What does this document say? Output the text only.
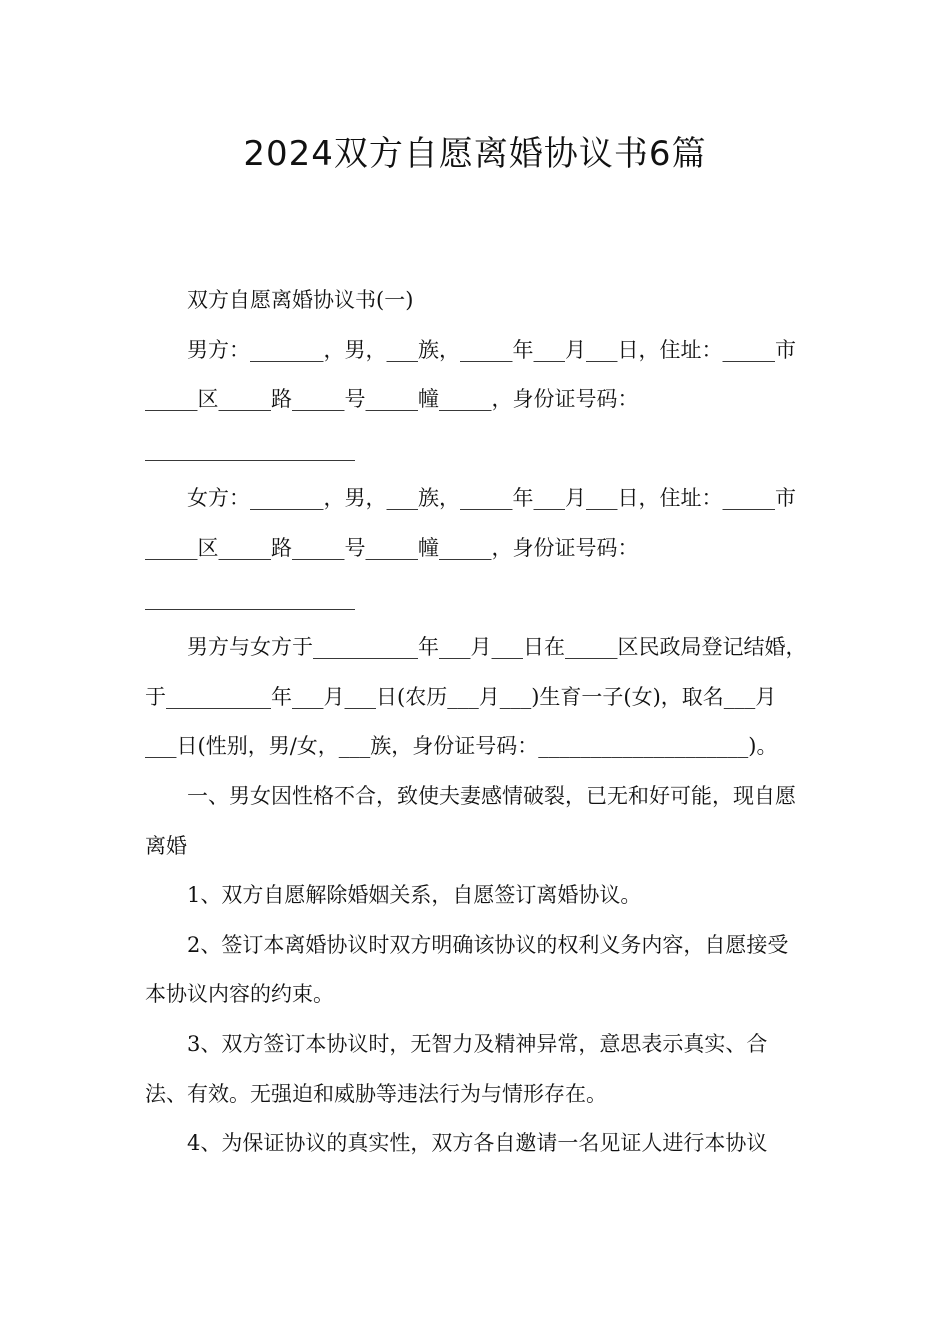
2024双方自愿离婚协议书6篇

双方自愿离婚协议书(一)

男方：_______，男，___族，_____年___月___日，住址：_____市_____区_____路_____号_____幢_____，身份证号码：____________________

女方：_______，男，___族，_____年___月___日，住址：_____市_____区_____路_____号_____幢_____，身份证号码：____________________

男方与女方于__________年___月___日在_____区民政局登记结婚，于__________年___月___日(农历___月___)生育一子(女)，取名___月___日(性别，男/女，___族，身份证号码：____________________)。

一、男女因性格不合，致使夫妻感情破裂，已无和好可能，现自愿离婚

1、双方自愿解除婚姻关系，自愿签订离婚协议。

2、签订本离婚协议时双方明确该协议的权利义务内容，自愿接受本协议内容的约束。

3、双方签订本协议时，无智力及精神异常，意思表示真实、合法、有效。无强迫和威胁等违法行为与情形存在。

4、为保证协议的真实性，双方各自邀请一名见证人进行本协议
